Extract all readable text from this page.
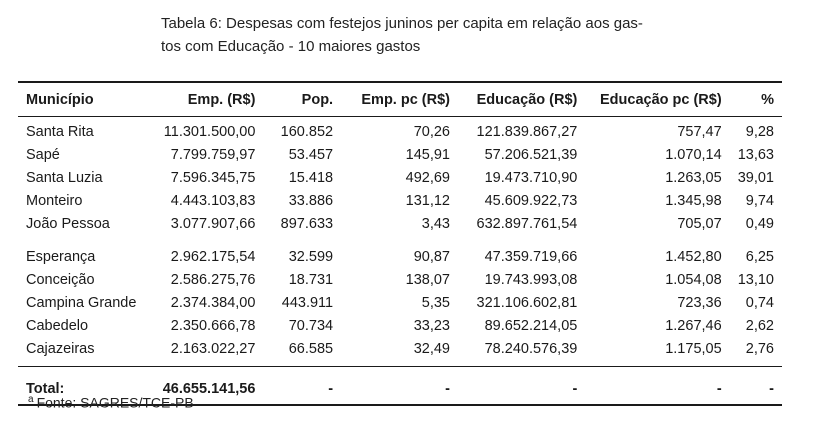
Tabela 6: Despesas com festejos juninos per capita em relação aos gas-
tos com Educação - 10 maiores gastos
Município	Emp. (R$)	Pop.	Emp. pc (R$)	Educação (R$)	Educação pc (R$)	%
Santa Rita	11.301.500,00	160.852	70,26	121.839.867,27	757,47	9,28
Sapé	7.799.759,97	53.457	145,91	57.206.521,39	1.070,14	13,63
Santa Luzia	7.596.345,75	15.418	492,69	19.473.710,90	1.263,05	39,01
Monteiro	4.443.103,83	33.886	131,12	45.609.922,73	1.345,98	9,74
João Pessoa	3.077.907,66	897.633	3,43	632.897.761,54	705,07	0,49
Esperança	2.962.175,54	32.599	90,87	47.359.719,66	1.452,80	6,25
Conceição	2.586.275,76	18.731	138,07	19.743.993,08	1.054,08	13,10
Campina Grande	2.374.384,00	443.911	5,35	321.106.602,81	723,36	0,74
Cabedelo	2.350.666,78	70.734	33,23	89.652.214,05	1.267,46	2,62
Cajazeiras	2.163.022,27	66.585	32,49	78.240.576,39	1.175,05	2,76

Total:	46.655.141,56	-	-	-	-	-
$^a$ Fonte: SAGRES/TCE-PB
